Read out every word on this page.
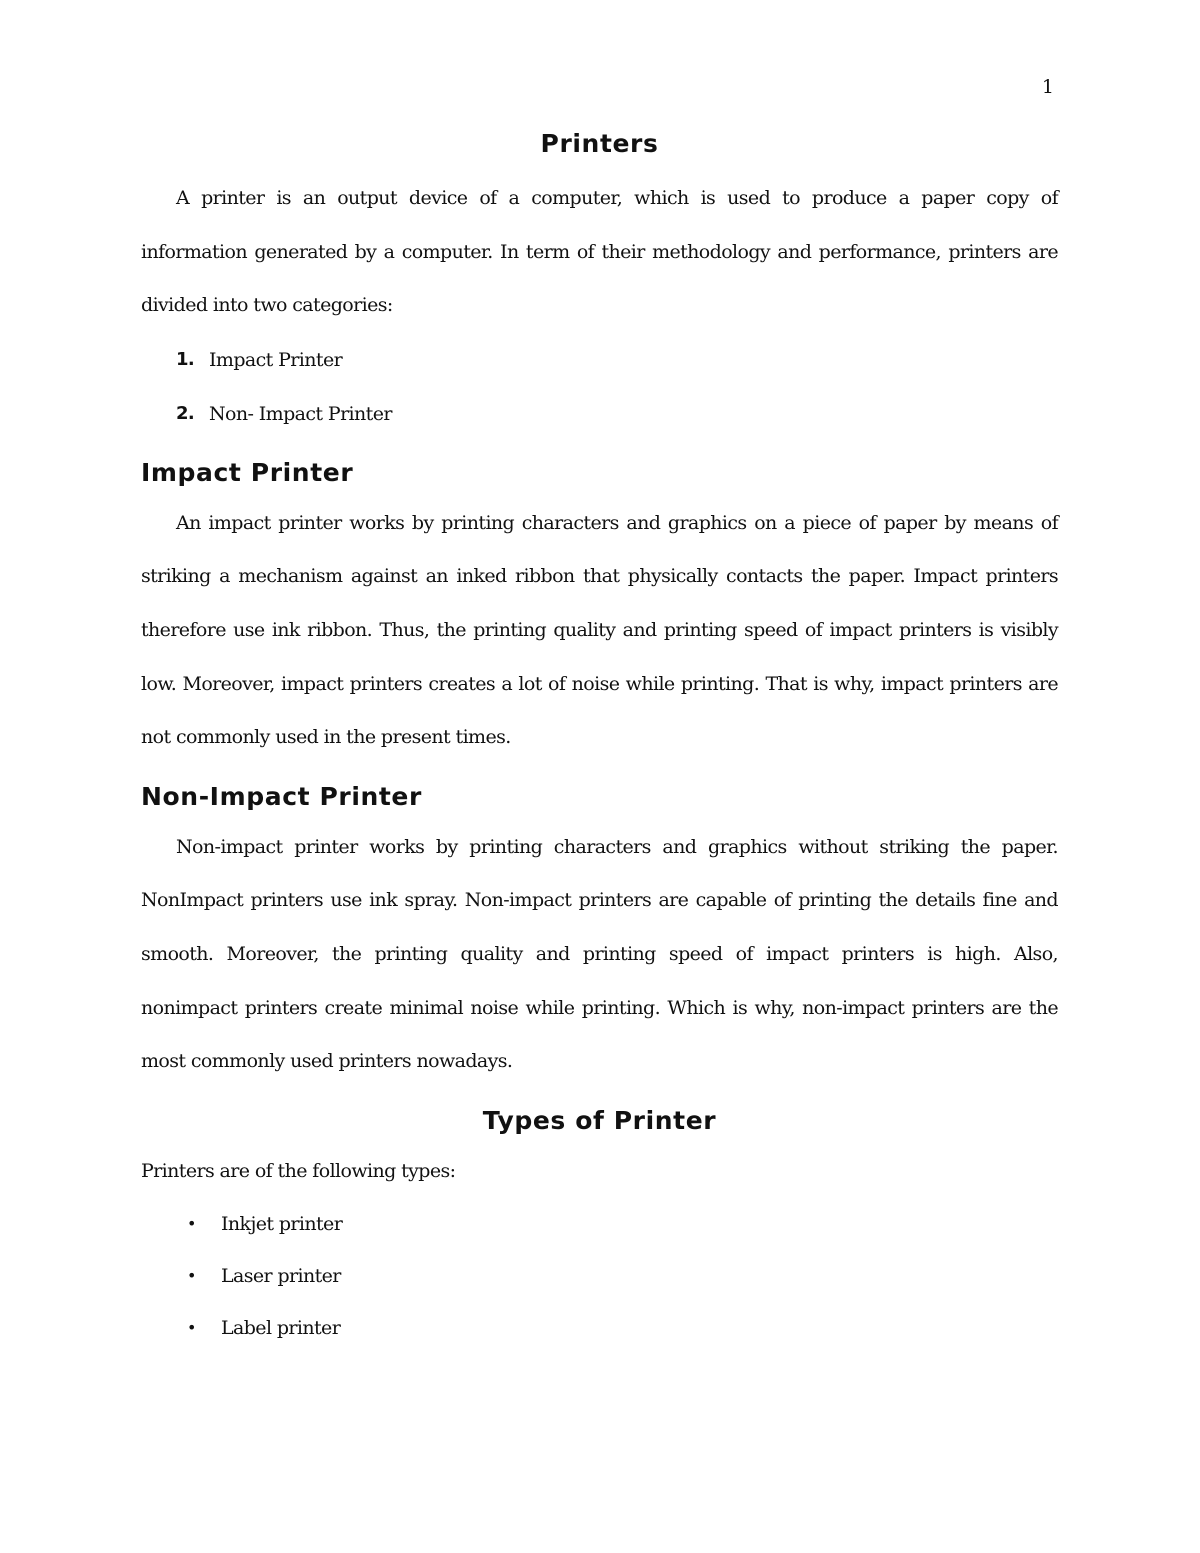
1
Printers

A printer is an output device of a computer, which is used to produce a paper copy of information generated by a computer. In term of their methodology and performance, printers are divided into two categories:

1. Impact Printer
2. Non- Impact Printer
Impact Printer

An impact printer works by printing characters and graphics on a piece of paper by means of striking a mechanism against an inked ribbon that physically contacts the paper. Impact printers therefore use ink ribbon. Thus, the printing quality and printing speed of impact printers is visibly low. Moreover, impact printers creates a lot of noise while printing. That is why, impact printers are not commonly used in the present times.

Non-Impact Printer

Non-impact printer works by printing characters and graphics without striking the paper. NonImpact printers use ink spray. Non-impact printers are capable of printing the details fine and smooth. Moreover, the printing quality and printing speed of impact printers is high. Also, nonimpact printers create minimal noise while printing. Which is why, non-impact printers are the most commonly used printers nowadays.

Types of Printer

Printers are of the following types:

• Inkjet printer
• Laser printer
• Label printer
